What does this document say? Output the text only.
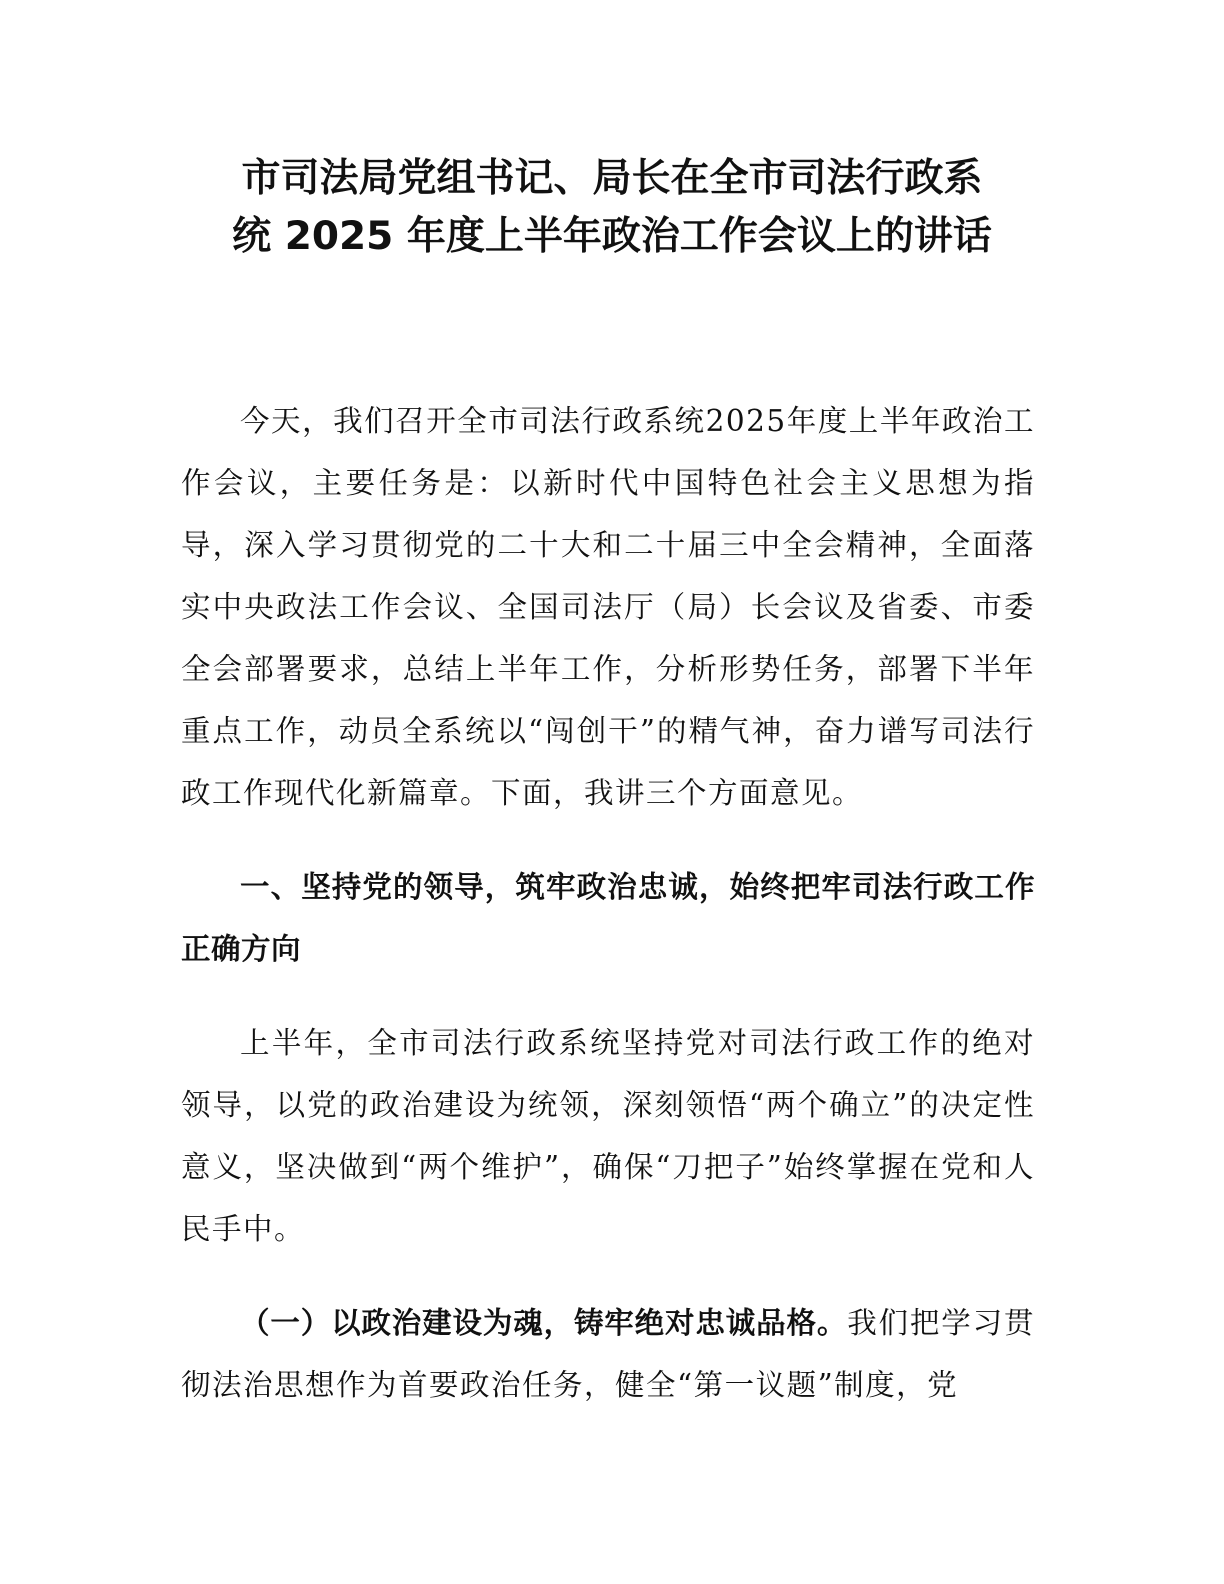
市司法局党组书记、局长在全市司法行政系
统 2025 年度上半年政治工作会议上的讲话

今天，我们召开全市司法行政系统2025年度上半年政治工作会议，主要任务是：以新时代中国特色社会主义思想为指导，深入学习贯彻党的二十大和二十届三中全会精神，全面落实中央政法工作会议、全国司法厅（局）长会议及省委、市委全会部署要求，总结上半年工作，分析形势任务，部署下半年重点工作，动员全系统以“闯创干”的精气神，奋力谱写司法行政工作现代化新篇章。下面，我讲三个方面意见。

一、坚持党的领导，筑牢政治忠诚，始终把牢司法行政工作正确方向

上半年，全市司法行政系统坚持党对司法行政工作的绝对领导，以党的政治建设为统领，深刻领悟“两个确立”的决定性意义，坚决做到“两个维护”，确保“刀把子”始终掌握在党和人民手中。

（一）以政治建设为魂，铸牢绝对忠诚品格。我们把学习贯彻法治思想作为首要政治任务，健全“第一议题”制度，党
